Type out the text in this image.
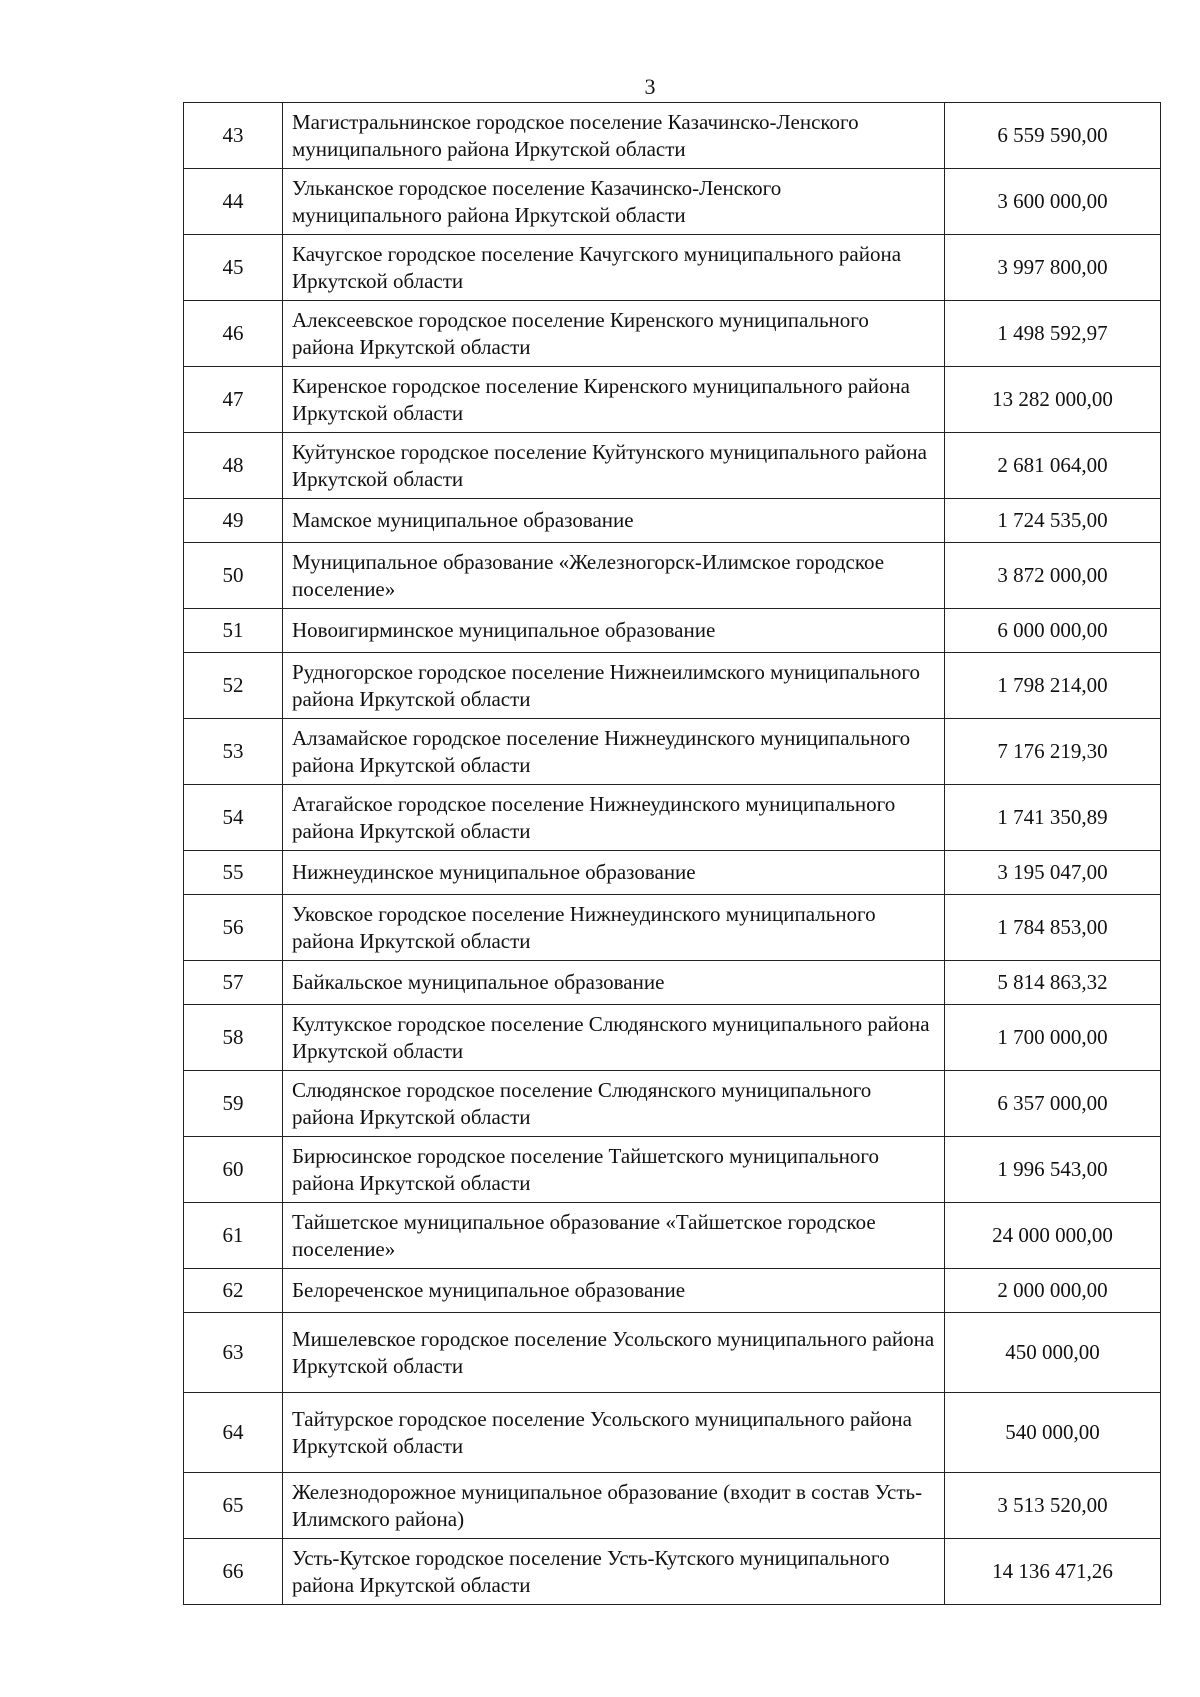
3
43	Магистральнинское городское поселение Казачинско-Ленского муниципального района Иркутской области	6 559 590,00
44	Ульканское городское поселение Казачинско-Ленского муниципального района Иркутской области	3 600 000,00
45	Качугское городское поселение Качугского муниципального района Иркутской области	3 997 800,00
46	Алексеевское городское поселение Киренского муниципального района Иркутской области	1 498 592,97
47	Киренское городское поселение Киренского муниципального района Иркутской области	13 282 000,00
48	Куйтунское городское поселение Куйтунского муниципального района Иркутской области	2 681 064,00
49	Мамское муниципальное образование	1 724 535,00
50	Муниципальное образование «Железногорск-Илимское городское поселение»	3 872 000,00
51	Новоигирминское муниципальное образование	6 000 000,00
52	Рудногорское городское поселение Нижнеилимского муниципального района Иркутской области	1 798 214,00
53	Алзамайское городское поселение Нижнеудинского муниципального района Иркутской области	7 176 219,30
54	Атагайское городское поселение Нижнеудинского муниципального района Иркутской области	1 741 350,89
55	Нижнеудинское муниципальное образование	3 195 047,00
56	Уковское городское поселение Нижнеудинского муниципального района Иркутской области	1 784 853,00
57	Байкальское муниципальное образование	5 814 863,32
58	Култукское городское поселение Слюдянского муниципального района Иркутской области	1 700 000,00
59	Слюдянское городское поселение Слюдянского муниципального района Иркутской области	6 357 000,00
60	Бирюсинское городское поселение Тайшетского муниципального района Иркутской области	1 996 543,00
61	Тайшетское муниципальное образование «Тайшетское городское поселение»	24 000 000,00
62	Белореченское муниципальное образование	2 000 000,00
63	Мишелевское городское поселение Усольского муниципального района Иркутской области	450 000,00
64	Тайтурское городское поселение Усольского муниципального района Иркутской области	540 000,00
65	Железнодорожное муниципальное образование (входит в состав Усть-Илимского района)	3 513 520,00
66	Усть-Кутское городское поселение Усть-Кутского муниципального района Иркутской области	14 136 471,26
